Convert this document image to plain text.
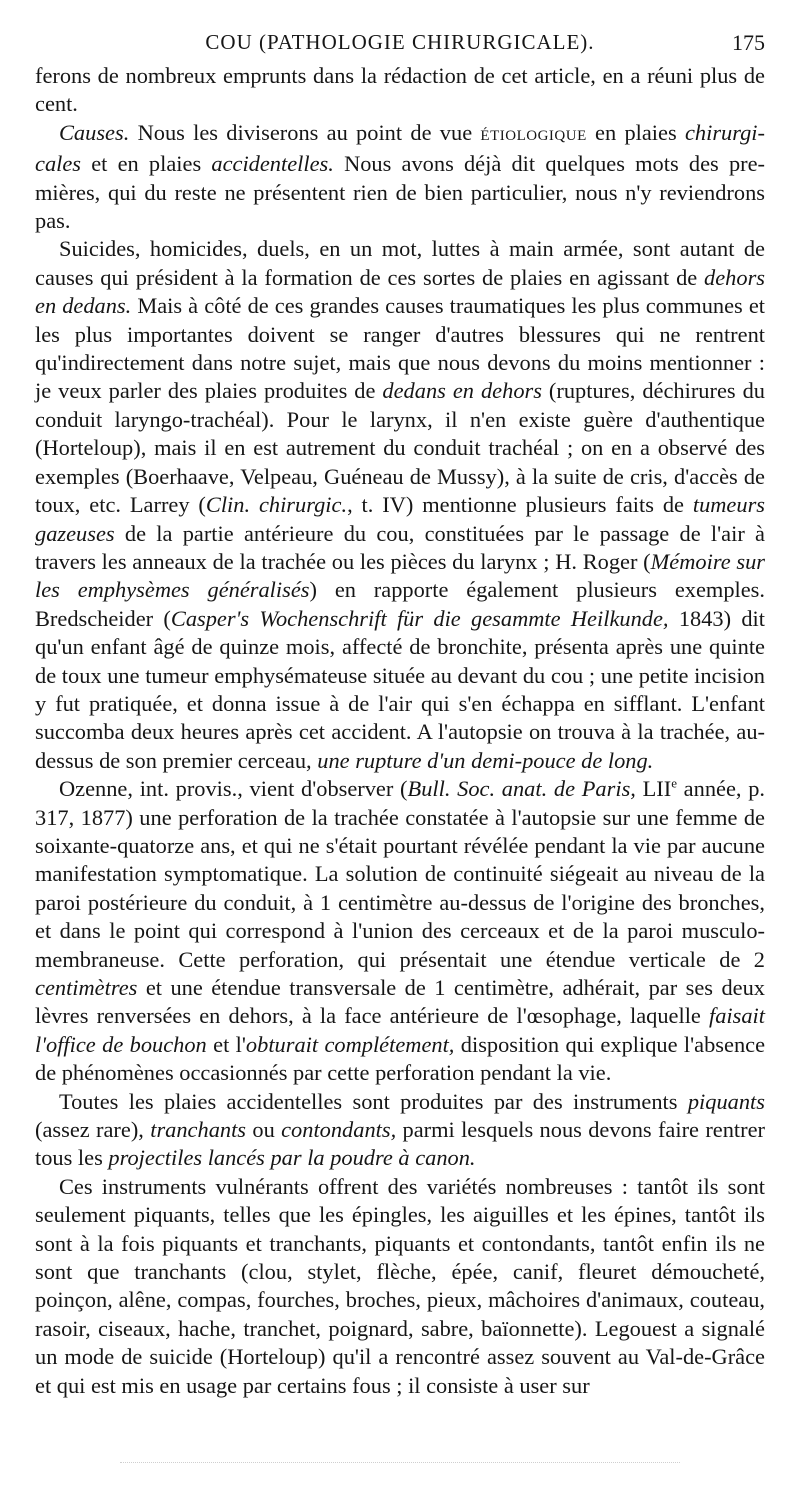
COU (PATHOLOGIE CHIRURGICALE).	175

ferons de nombreux emprunts dans la rédaction de cet article, en a réuni plus de cent.

Causes. Nous les diviserons au point de vue ÉTIOLOGIQUE en plaies chirurgicales et en plaies accidentelles. Nous avons déjà dit quelques mots des premières, qui du reste ne présentent rien de bien particulier, nous n'y reviendrons pas.

Suicides, homicides, duels, en un mot, luttes à main armée, sont autant de causes qui président à la formation de ces sortes de plaies en agissant de dehors en dedans. Mais à côté de ces grandes causes traumatiques les plus communes et les plus importantes doivent se ranger d'autres blessures qui ne rentrent qu'indirectement dans notre sujet, mais que nous devons du moins mentionner : je veux parler des plaies produites de dedans en dehors (ruptures, déchirures du conduit laryngo-trachéal). Pour le larynx, il n'en existe guère d'authentique (Horteloup), mais il en est autrement du conduit trachéal ; on en a observé des exemples (Boerhaave, Velpeau, Guéneau de Mussy), à la suite de cris, d'accès de toux, etc. Larrey (Clin. chirurgic., t. IV) mentionne plusieurs faits de tumeurs gazeuses de la partie antérieure du cou, constituées par le passage de l'air à travers les anneaux de la trachée ou les pièces du larynx ; H. Roger (Mémoire sur les emphysèmes généralisés) en rapporte également plusieurs exemples. Bredscheider (Casper's Wochenschrift für die gesammte Heilkunde, 1843) dit qu'un enfant âgé de quinze mois, affecté de bronchite, présenta après une quinte de toux une tumeur emphysémateuse située au devant du cou ; une petite incision y fut pratiquée, et donna issue à de l'air qui s'en échappa en sifflant. L'enfant succomba deux heures après cet accident. A l'autopsie on trouva à la trachée, au-dessus de son premier cerceau, une rupture d'un demi-pouce de long.

Ozenne, int. provis., vient d'observer (Bull. Soc. anat. de Paris, LIIe année, p. 317, 1877) une perforation de la trachée constatée à l'autopsie sur une femme de soixante-quatorze ans, et qui ne s'était pourtant révélée pendant la vie par aucune manifestation symptomatique. La solution de continuité siégeait au niveau de la paroi postérieure du conduit, à 1 centimètre au-dessus de l'origine des bronches, et dans le point qui correspond à l'union des cerceaux et de la paroi musculo-membraneuse. Cette perforation, qui présentait une étendue verticale de 2 centimètres et une étendue transversale de 1 centimètre, adhérait, par ses deux lèvres renversées en dehors, à la face antérieure de l'œsophage, laquelle faisait l'office de bouchon et l'obturait complétement, disposition qui explique l'absence de phénomènes occasionnés par cette perforation pendant la vie.

Toutes les plaies accidentelles sont produites par des instruments piquants (assez rare), tranchants ou contondants, parmi lesquels nous devons faire rentrer tous les projectiles lancés par la poudre à canon.

Ces instruments vulnérants offrent des variétés nombreuses : tantôt ils sont seulement piquants, telles que les épingles, les aiguilles et les épines, tantôt ils sont à la fois piquants et tranchants, piquants et contondants, tantôt enfin ils ne sont que tranchants (clou, stylet, flèche, épée, canif, fleuret démoucheté, poinçon, alêne, compas, fourches, broches, pieux, mâchoires d'animaux, couteau, rasoir, ciseaux, hache, tranchet, poignard, sabre, baïonnette). Legouest a signalé un mode de suicide (Horteloup) qu'il a rencontré assez souvent au Val-de-Grâce et qui est mis en usage par certains fous ; il consiste à user sur
